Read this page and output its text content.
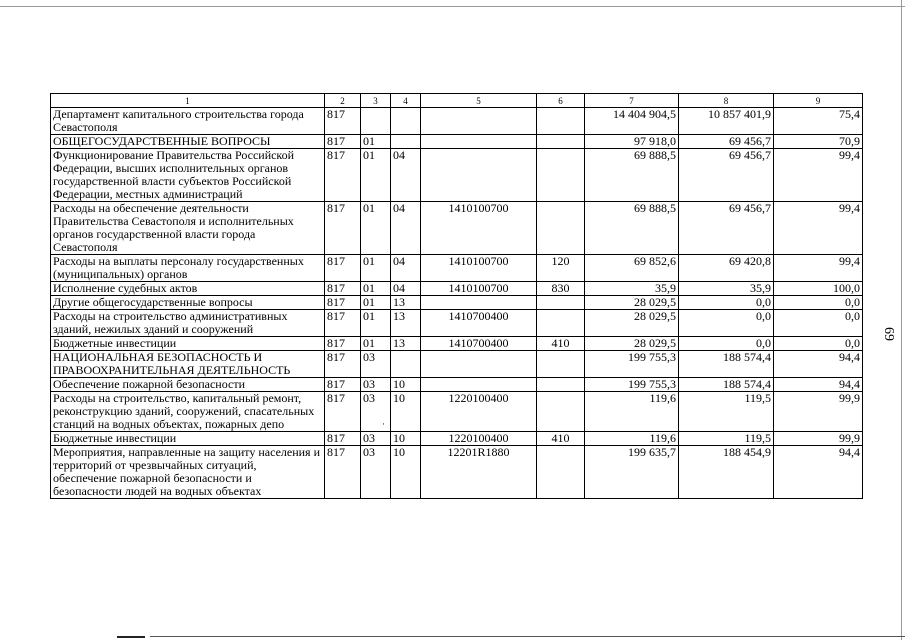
1	2	3	4	5	6	7	8	9
Департамент капитального строительства города Севастополя	817					14 404 904,5	10 857 401,9	75,4
ОБЩЕГОСУДАРСТВЕННЫЕ ВОПРОСЫ	817	01				97 918,0	69 456,7	70,9
Функционирование Правительства Российской Федерации, высших исполнительных органов государственной власти субъектов Российской Федерации, местных администраций	817	01	04			69 888,5	69 456,7	99,4
Расходы на обеспечение деятельности Правительства Севастополя и исполнительных органов государственной власти города Севастополя	817	01	04	1410100700		69 888,5	69 456,7	99,4
Расходы на выплаты персоналу государственных (муниципальных) органов	817	01	04	1410100700	120	69 852,6	69 420,8	99,4
Исполнение судебных актов	817	01	04	1410100700	830	35,9	35,9	100,0
Другие общегосударственные вопросы	817	01	13			28 029,5	0,0	0,0
Расходы на строительство административных зданий, нежилых зданий и сооружений	817	01	13	1410700400		28 029,5	0,0	0,0
Бюджетные инвестиции	817	01	13	1410700400	410	28 029,5	0,0	0,0
НАЦИОНАЛЬНАЯ БЕЗОПАСНОСТЬ И ПРАВООХРАНИТЕЛЬНАЯ ДЕЯТЕЛЬНОСТЬ	817	03				199 755,3	188 574,4	94,4
Обеспечение пожарной безопасности	817	03	10			199 755,3	188 574,4	94,4
Расходы на строительство, капитальный ремонт, реконструкцию зданий, сооружений, спасательных станций на водных объектах, пожарных депо	817	03	10	1220100400		119,6	119,5	99,9
Бюджетные инвестиции	817	03	10	1220100400	410	119,6	119,5	99,9
Мероприятия, направленные на защиту населения и территорий от чрезвычайных ситуаций, обеспечение пожарной безопасности и безопасности людей на водных объектах	817	03	10	12201R1880		199 635,7	188 454,9	94,4
·
69
